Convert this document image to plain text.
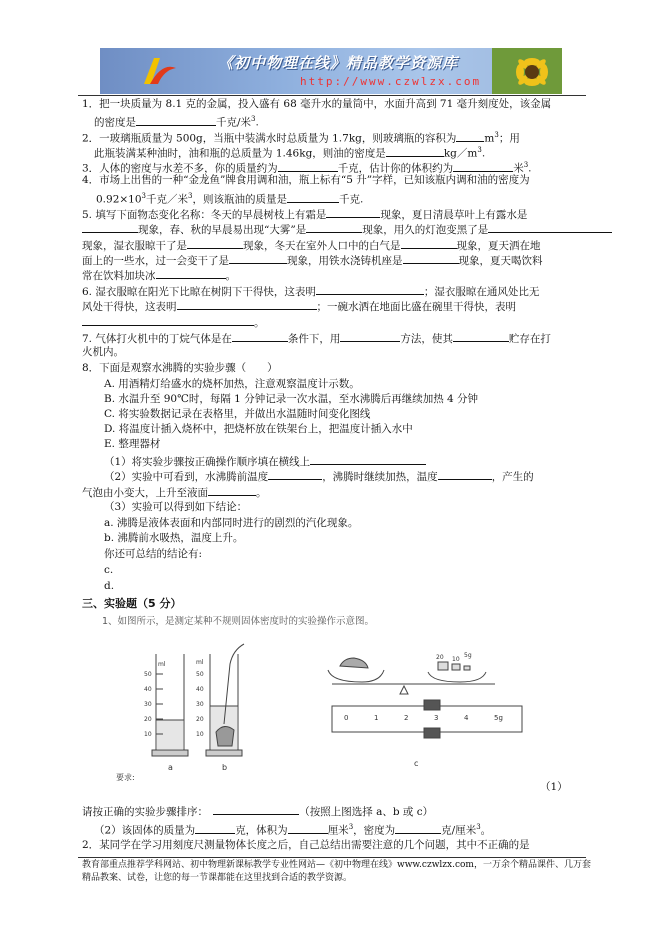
《初中物理在线》精品教学资源库
http://www.czwlzx.com
1．把一块质量为 8.1 克的金属，投入盛有 68 毫升水的量筒中，水面升高到 71 毫升刻度处，该金属
的密度是	千克/米$^3$.
2．一玻璃瓶质量为 500g，当瓶中装满水时总质量为 1.7kg，则玻璃瓶的容积为	$m^3$；用
此瓶装满某种油时，油和瓶的总质量为 1.46kg，则油的密度是	$kg/m^3$.
3．人体的密度与水差不多，你的质量约为	千克，估计你的体积约为	米$^3$.
4．市场上出售的一种“金龙鱼”牌食用调和油，瓶上标有“5 升”字样，已知该瓶内调和油的密度为
$0.92\times 10^3$千克／米$^3$，则该瓶油的质量是	千克.
5. 填写下面物态变化名称：冬天的早晨树枝上有霜是	现象，夏日清晨草叶上有露水是
现象，春、秋的早晨易出现“大雾”是	现象，用久的灯泡变黑了是
现象，湿衣服晾干了是	现象，冬天在室外人口中的白气是	现象，夏天洒在地
面上的一些水，过一会变干了是	现象，用铁水浇铸机座是	现象，夏天喝饮料
常在饮料加块冰	。
6. 湿衣服晾在阳光下比晾在树阴下干得快，这表明	；湿衣服晾在通风处比无
风处干得快，这表明	；一碗水洒在地面比盛在碗里干得快，表明
。
7. 气体打火机中的丁烷气体是在	条件下，用	方法，使其	贮存在打
火机内。
8．下面是观察水沸腾的实验步骤（　　）
A. 用酒精灯给盛水的烧杯加热，注意观察温度计示数。
B. 水温升至 90℃时，每隔 1 分钟记录一次水温，至水沸腾后再继续加热 4 分钟
C. 将实验数据记录在表格里，并做出水温随时间变化图线
D. 将温度计插入烧杯中，把烧杯放在铁架台上，把温度计插入水中
E. 整理器材
（1）将实验步骤按正确操作顺序填在横线上
（2）实验中可看到，水沸腾前温度	，沸腾时继续加热，温度	，产生的
气泡由小变大，上升至液面	。
（3）实验可以得到如下结论：
a. 沸腾是液体表面和内部同时进行的剧烈的汽化现象。
b. 沸腾前水吸热，温度上升。
你还可总结的结论有:
c.
d.
三、实验题（5 分）
1、如图所示，是测定某种不规则固体密度时的实验操作示意图。
ml
50
40
30
20
10
ml
20 10
5g
0	1	2	3	4	5g
要求:
a	b	c
50
40
30
20
10
（1）
请按正确的实验步骤排序：　	（按照上图选择 a、b 或 c）
（2）该固体的质量为	克，体积为	厘米$^3$，密度为	克/厘米$^3$。
2．某同学在学习用刻度尺测量物体长度之后，自己总结出需要注意的几个问题，其中不正确的是
教育部重点推荐学科网站、初中物理新课标教学专业性网站—《初中物理在线》www.czwlzx.com，一万余个精品课件、几万套精品教案、试卷，让您的每一节课都能在这里找到合适的教学资源。
